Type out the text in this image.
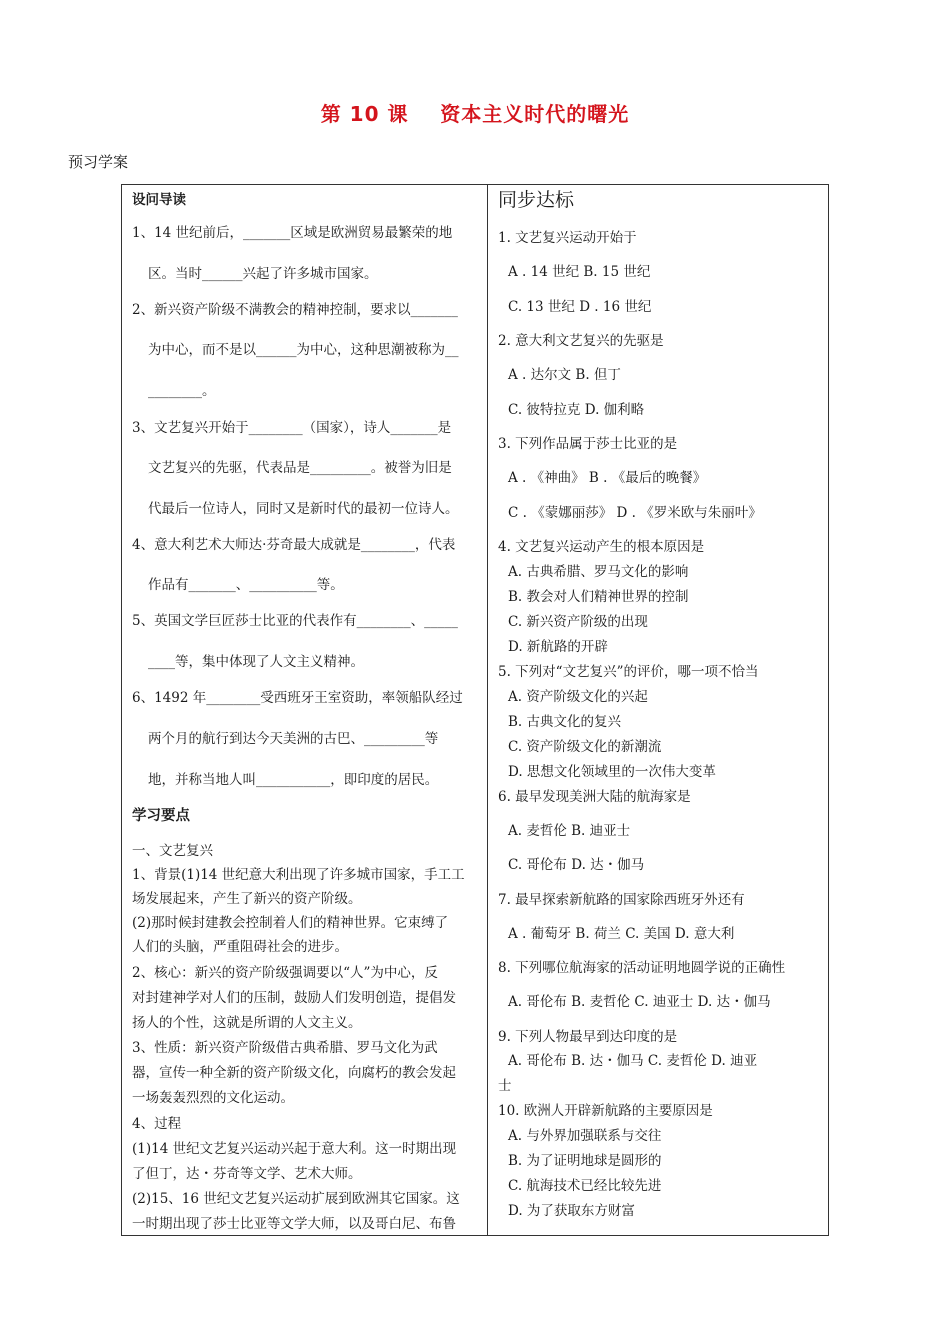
第 10 课    资本主义时代的曙光
预习学案
设问导读
1、14 世纪前后，_______区域是欧洲贸易最繁荣的地
区。当时______兴起了许多城市国家。
2、新兴资产阶级不满教会的精神控制，要求以_______
为中心，而不是以______为中心，这种思潮被称为__
________。
3、文艺复兴开始于________（国家），诗人_______是
文艺复兴的先驱，代表品是_________。被誉为旧是
代最后一位诗人，同时又是新时代的最初一位诗人。
4、意大利艺术大师达·芬奇最大成就是________，代表
作品有_______、__________等。
5、英国文学巨匠莎士比亚的代表作有________、_____
____等，集中体现了人文主义精神。
6、1492 年________受西班牙王室资助，率领船队经过
两个月的航行到达今天美洲的古巴、_________等
地，并称当地人叫___________，即印度的居民。
学习要点
一、文艺复兴
1、背景(1)14 世纪意大利出现了许多城市国家，手工工
场发展起来，产生了新兴的资产阶级。
(2)那时候封建教会控制着人们的精神世界。它束缚了
人们的头脑，严重阻碍社会的进步。
2、核心：新兴的资产阶级强调要以“人”为中心，反
对封建神学对人们的压制，鼓励人们发明创造，提倡发
扬人的个性，这就是所谓的人文主义。
3、性质：新兴资产阶级借古典希腊、罗马文化为武
器，宣传一种全新的资产阶级文化，向腐朽的教会发起
一场轰轰烈烈的文化运动。
4、过程
(1)14 世纪文艺复兴运动兴起于意大利。这一时期出现
了但丁，达・芬奇等文学、艺术大师。
(2)15、16 世纪文艺复兴运动扩展到欧洲其它国家。这
一时期出现了莎士比亚等文学大师，以及哥白尼、布鲁
同步达标
1. 文艺复兴运动开始于
A . 14 世纪 B. 15 世纪
C. 13 世纪 D . 16 世纪
2. 意大利文艺复兴的先驱是
A . 达尔文 B. 但丁
C. 彼特拉克 D. 伽利略
3. 下列作品属于莎士比亚的是
A . 《神曲》 B . 《最后的晚餐》
C . 《蒙娜丽莎》 D . 《罗米欧与朱丽叶》
4. 文艺复兴运动产生的根本原因是
A. 古典希腊、罗马文化的影响
B. 教会对人们精神世界的控制
C. 新兴资产阶级的出现
D. 新航路的开辟
5. 下列对“文艺复兴”的评价，哪一项不恰当
A. 资产阶级文化的兴起
B. 古典文化的复兴
C. 资产阶级文化的新潮流
D. 思想文化领域里的一次伟大变革
6. 最早发现美洲大陆的航海家是
A. 麦哲伦 B. 迪亚士
C. 哥伦布 D. 达・伽马
7. 最早探索新航路的国家除西班牙外还有
A . 葡萄牙 B. 荷兰 C. 美国 D. 意大利
8. 下列哪位航海家的活动证明地圆学说的正确性
A. 哥伦布 B. 麦哲伦 C. 迪亚士 D. 达・伽马
9. 下列人物最早到达印度的是
A. 哥伦布 B. 达・伽马 C. 麦哲伦 D. 迪亚
士
10. 欧洲人开辟新航路的主要原因是
A. 与外界加强联系与交往
B. 为了证明地球是圆形的
C. 航海技术已经比较先进
D. 为了获取东方财富
